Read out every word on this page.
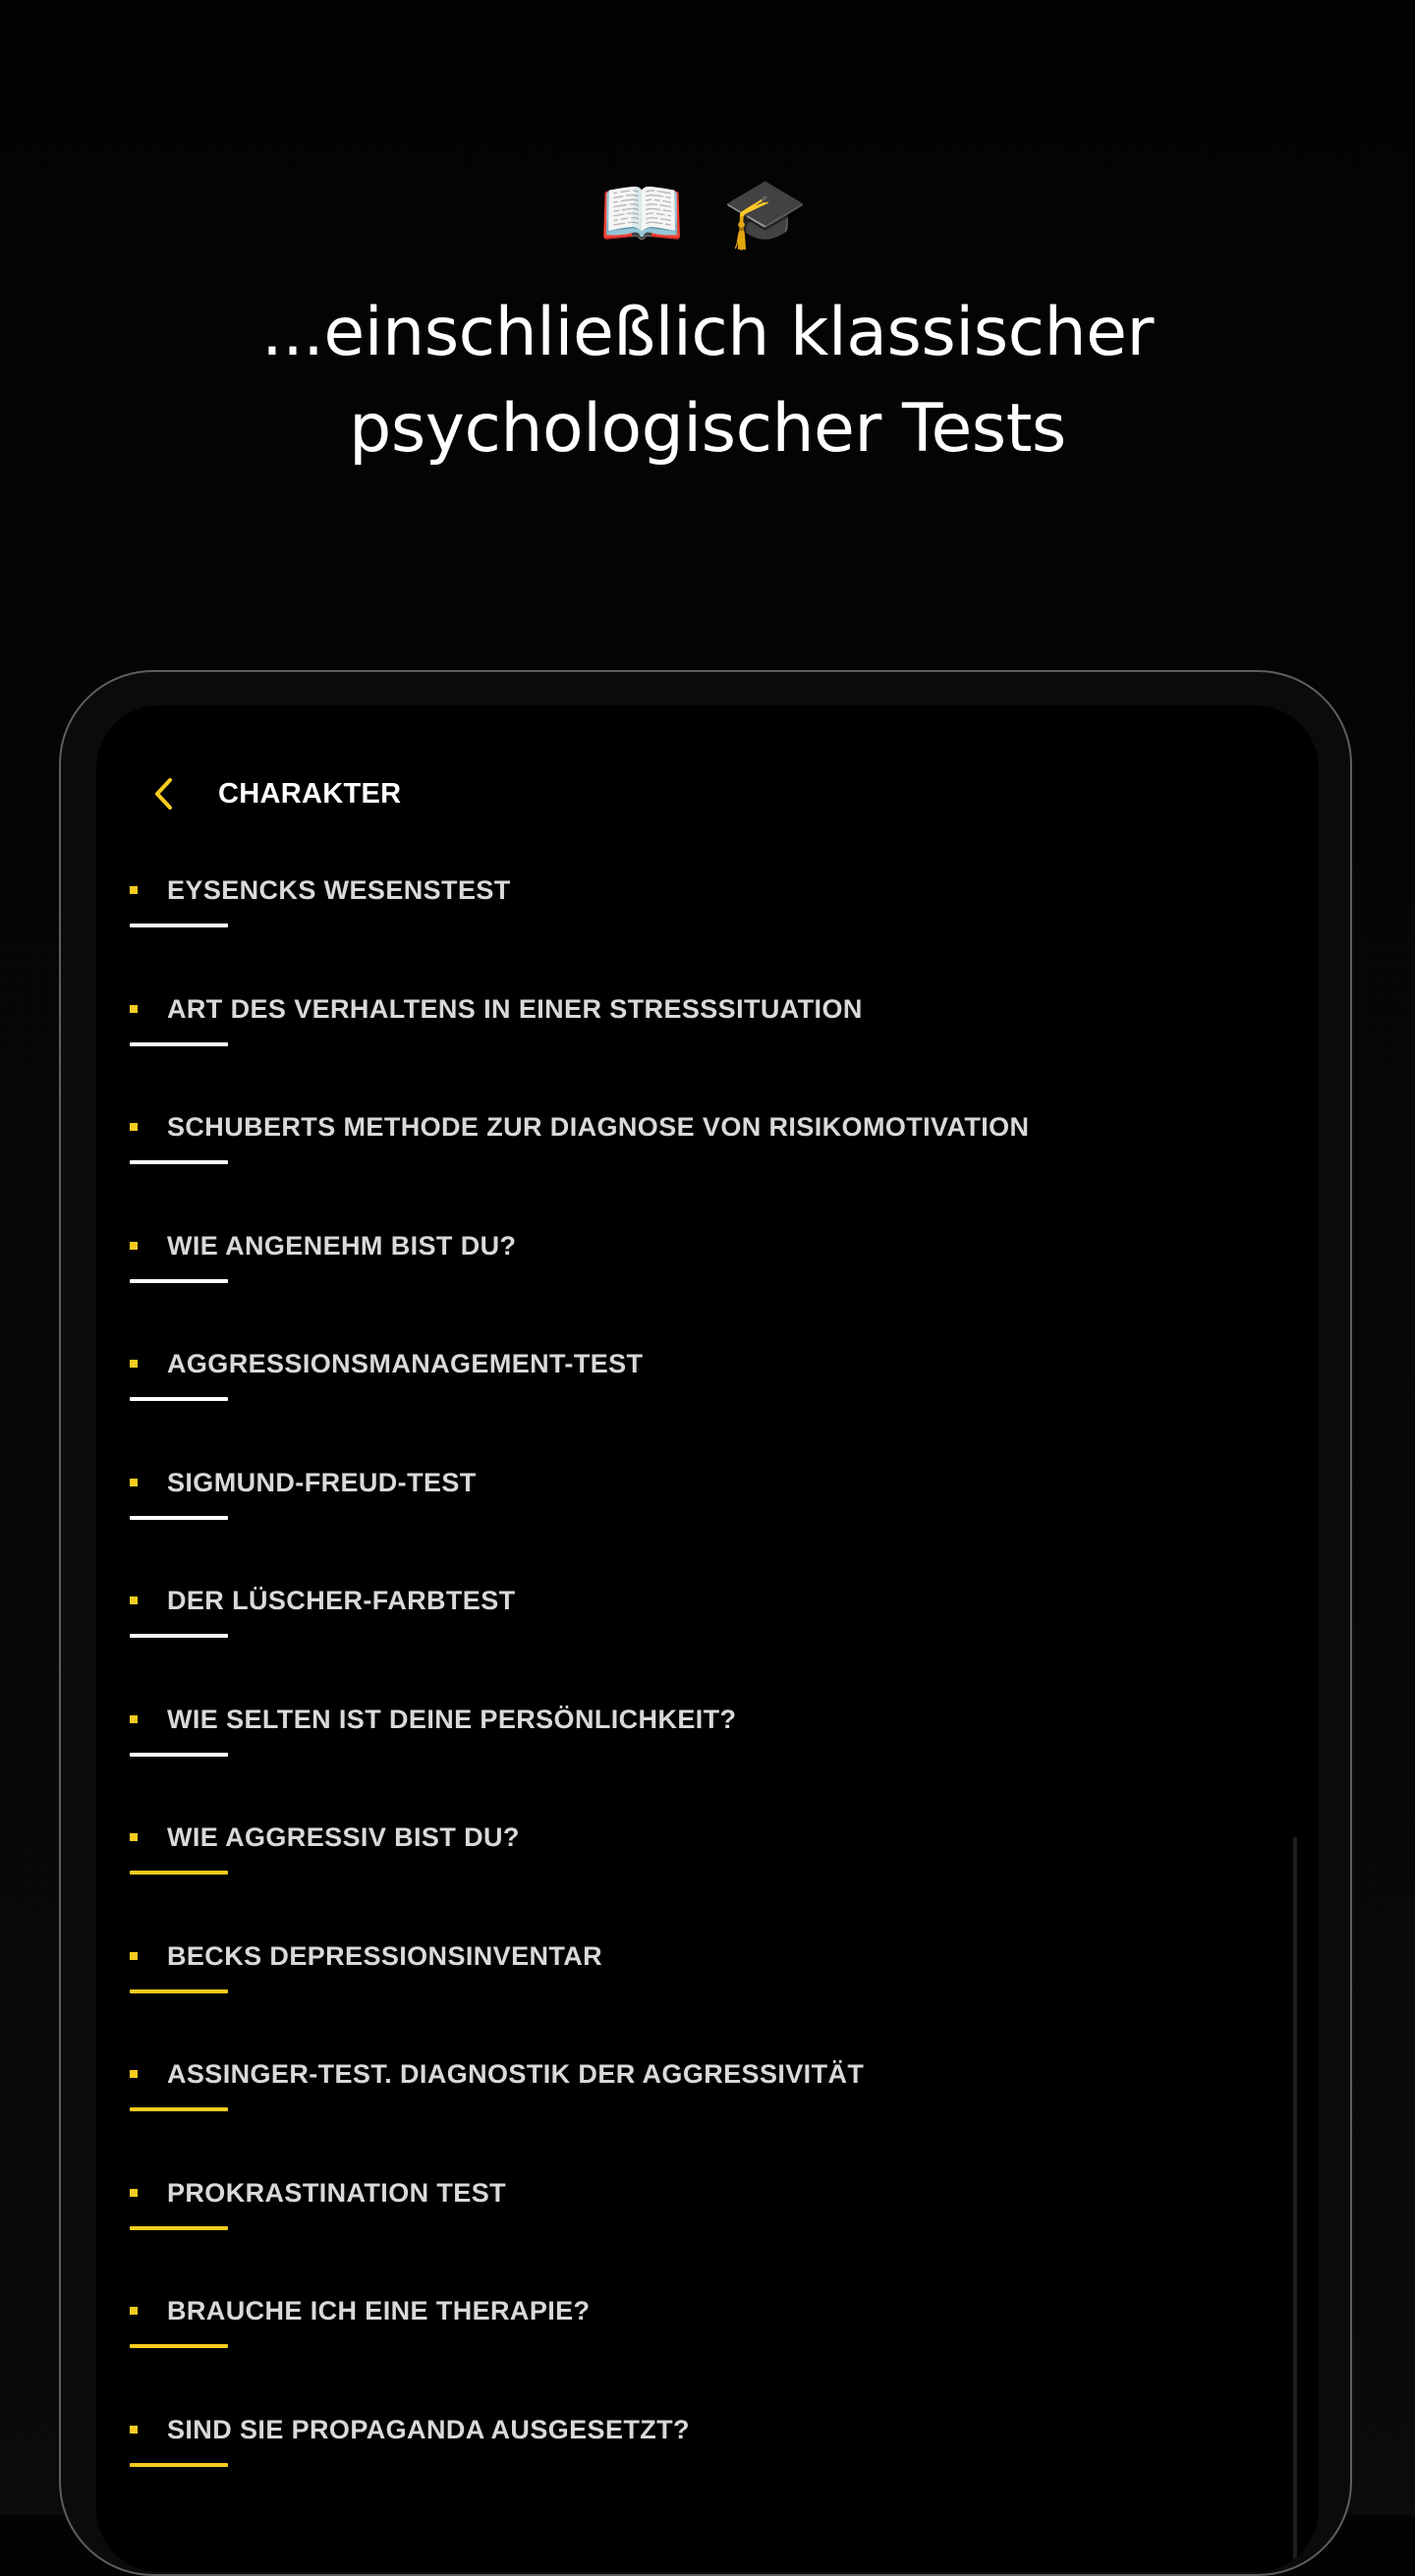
📖 🎓
...einschließlich klassischer
psychologischer Tests
CHARAKTER
EYSENCKS WESENSTEST
ART DES VERHALTENS IN EINER STRESSSITUATION
SCHUBERTS METHODE ZUR DIAGNOSE VON RISIKOMOTIVATION
WIE ANGENEHM BIST DU?
AGGRESSIONSMANAGEMENT-TEST
SIGMUND-FREUD-TEST
DER LÜSCHER-FARBTEST
WIE SELTEN IST DEINE PERSÖNLICHKEIT?
WIE AGGRESSIV BIST DU?
BECKS DEPRESSIONSINVENTAR
ASSINGER-TEST. DIAGNOSTIK DER AGGRESSIVITÄT
PROKRASTINATION TEST
BRAUCHE ICH EINE THERAPIE?
SIND SIE PROPAGANDA AUSGESETZT?
